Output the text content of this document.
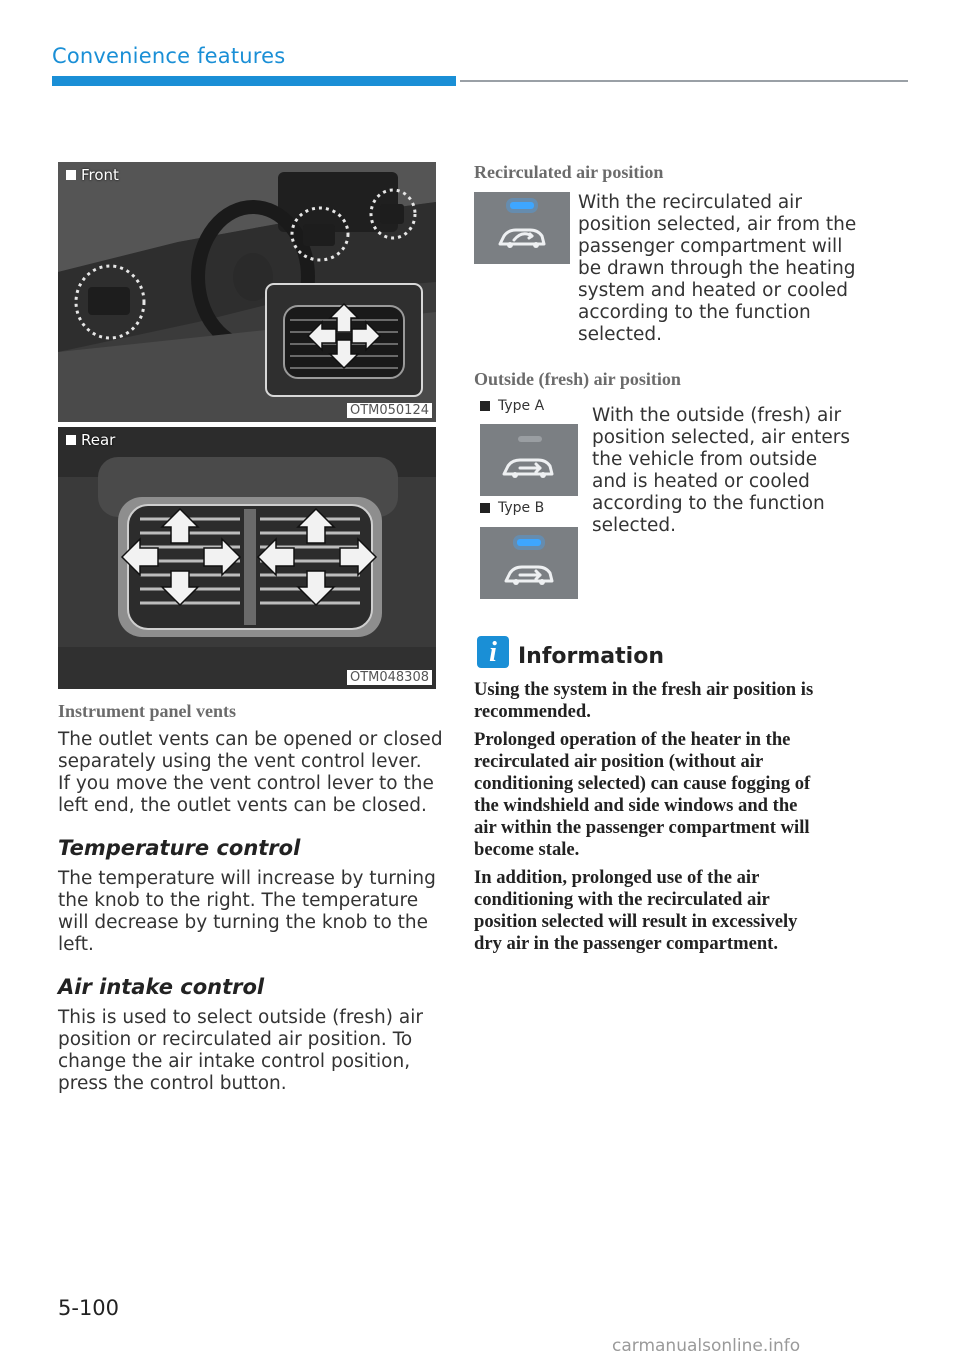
Convenience features
Front
OTM050124
Rear
OTM048308
Instrument panel vents
The outlet vents can be opened or closed
separately using the vent control lever.
If you move the vent control lever to the
left end, the outlet vents can be closed.
Temperature control
The temperature will increase by turning
the knob to the right. The temperature
will decrease by turning the knob to the
left.
Air intake control
This is used to select outside (fresh) air
position or recirculated air position. To
change the air intake control position,
press the control button.
Recirculated air position
With the recirculated air
position selected, air from the
passenger compartment will
be drawn through the heating
system and heated or cooled
according to the function
selected.
Outside (fresh) air position
Type A
Type B
With the outside (fresh) air
position selected, air enters
the vehicle from outside
and is heated or cooled
according to the function
selected.
i Information
Using the system in the fresh air position is
recommended.
Prolonged operation of the heater in the
recirculated air position (without air
conditioning selected) can cause fogging of
the windshield and side windows and the
air within the passenger compartment will
become stale.
In addition, prolonged use of the air
conditioning with the recirculated air
position selected will result in excessively
dry air in the passenger compartment.
5-100
carmanualsonline.info
